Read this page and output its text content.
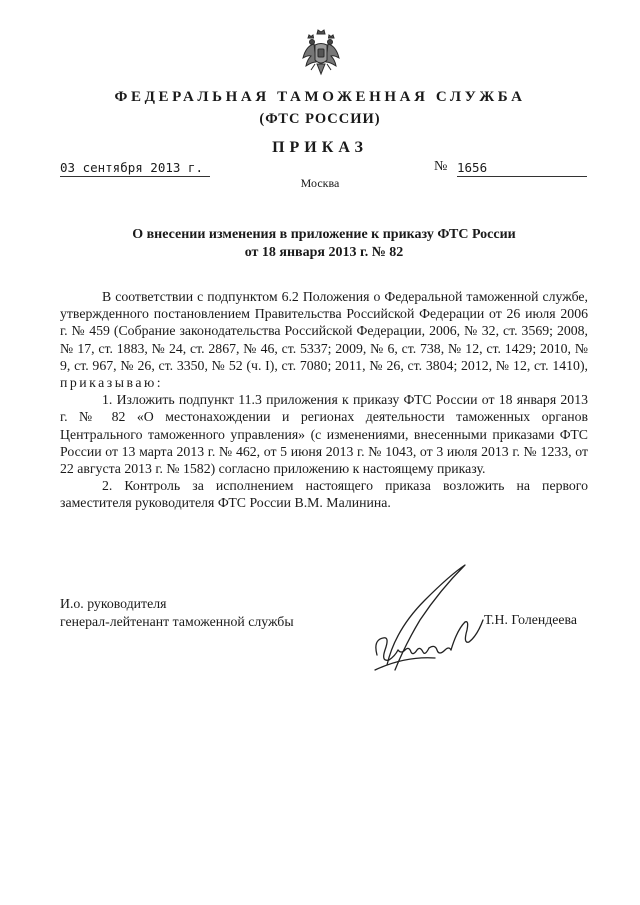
ФЕДЕРАЛЬНАЯ ТАМОЖЕННАЯ СЛУЖБА
(ФТС РОССИИ)
ПРИКАЗ
03 сентября 2013 г.	№ 1656
Москва
О внесении изменения в приложение к приказу ФТС России
от 18 января 2013 г. № 82

В соответствии с подпунктом 6.2 Положения о Федеральной таможенной службе, утвержденного постановлением Правительства Российской Федерации от 26 июля 2006 г. № 459 (Собрание законодательства Российской Федерации, 2006, № 32, ст. 3569; 2008, № 17, ст. 1883, № 24, ст. 2867, № 46, ст. 5337; 2009, № 6, ст. 738, № 12, ст. 1429; 2010, № 9, ст. 967, № 26, ст. 3350, № 52 (ч. I), ст. 7080; 2011, № 26, ст. 3804; 2012, № 12, ст. 1410), приказываю:

1. Изложить подпункт 11.3 приложения к приказу ФТС России от 18 января 2013 г. № 82 «О местонахождении и регионах деятельности таможенных органов Центрального таможенного управления» (с изменениями, внесенными приказами ФТС России от 13 марта 2013 г. № 462, от 5 июня 2013 г. № 1043, от 3 июля 2013 г. № 1233, от 22 августа 2013 г. № 1582) согласно приложению к настоящему приказу.

2. Контроль за исполнением настоящего приказа возложить на первого заместителя руководителя ФТС России В.М. Малинина.

И.о. руководителя
генерал-лейтенант таможенной службы	Т.Н. Голендеева
